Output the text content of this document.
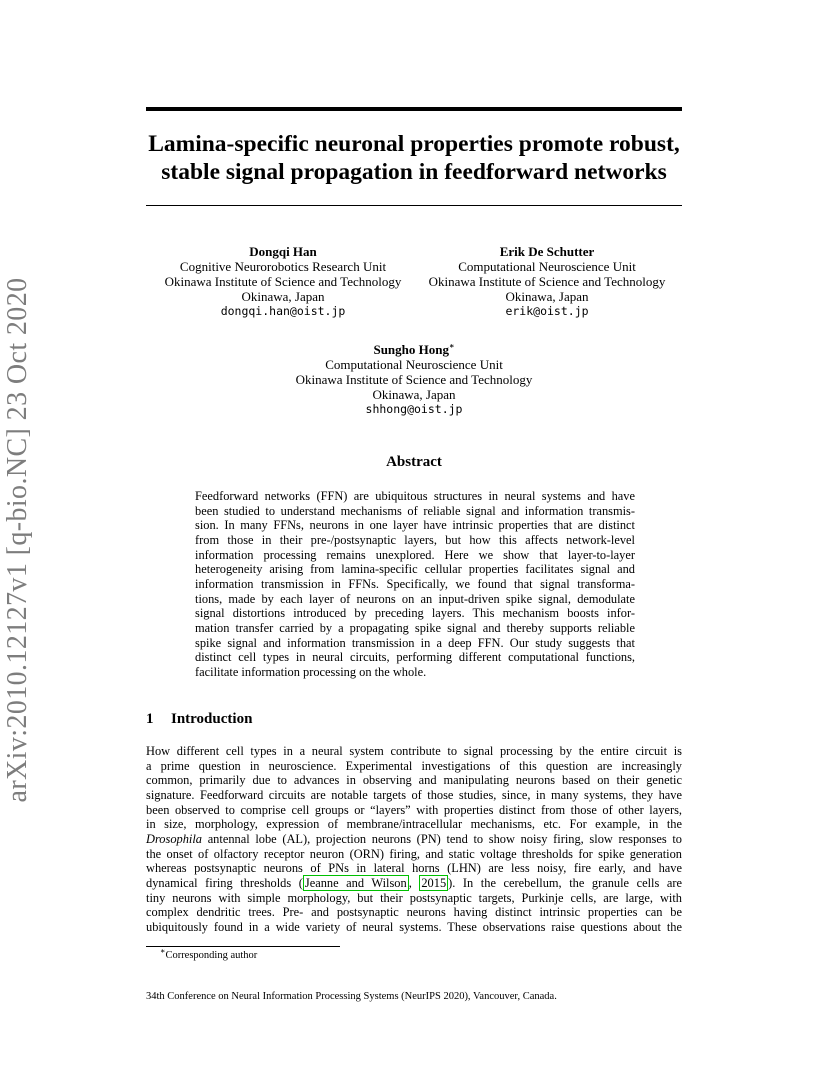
arXiv:2010.12127v1 [q-bio.NC] 23 Oct 2020
Lamina-specific neuronal properties promote robust,
stable signal propagation in feedforward networks
Dongqi Han
Cognitive Neurorobotics Research Unit
Okinawa Institute of Science and Technology
Okinawa, Japan
dongqi.han@oist.jp
Erik De Schutter
Computational Neuroscience Unit
Okinawa Institute of Science and Technology
Okinawa, Japan
erik@oist.jp
Sungho Hong∗
Computational Neuroscience Unit
Okinawa Institute of Science and Technology
Okinawa, Japan
shhong@oist.jp
Abstract
Feedforward networks (FFN) are ubiquitous structures in neural systems and have
been studied to understand mechanisms of reliable signal and information transmis-
sion. In many FFNs, neurons in one layer have intrinsic properties that are distinct
from those in their pre-/postsynaptic layers, but how this affects network-level
information processing remains unexplored. Here we show that layer-to-layer
heterogeneity arising from lamina-specific cellular properties facilitates signal and
information transmission in FFNs. Specifically, we found that signal transforma-
tions, made by each layer of neurons on an input-driven spike signal, demodulate
signal distortions introduced by preceding layers. This mechanism boosts infor-
mation transfer carried by a propagating spike signal and thereby supports reliable
spike signal and information transmission in a deep FFN. Our study suggests that
distinct cell types in neural circuits, performing different computational functions,
facilitate information processing on the whole.
1 Introduction
How different cell types in a neural system contribute to signal processing by the entire circuit is
a prime question in neuroscience. Experimental investigations of this question are increasingly
common, primarily due to advances in observing and manipulating neurons based on their genetic
signature. Feedforward circuits are notable targets of those studies, since, in many systems, they have
been observed to comprise cell groups or “layers” with properties distinct from those of other layers,
in size, morphology, expression of membrane/intracellular mechanisms, etc. For example, in the
Drosophila antennal lobe (AL), projection neurons (PN) tend to show noisy firing, slow responses to
the onset of olfactory receptor neuron (ORN) firing, and static voltage thresholds for spike generation
whereas postsynaptic neurons of PNs in lateral horns (LHN) are less noisy, fire early, and have
dynamical firing thresholds ( Jeanne and Wilson , 2015 ). In the cerebellum, the granule cells are
tiny neurons with simple morphology, but their postsynaptic targets, Purkinje cells, are large, with
complex dendritic trees. Pre- and postsynaptic neurons having distinct intrinsic properties can be
ubiquitously found in a wide variety of neural systems. These observations raise questions about the
∗Corresponding author
34th Conference on Neural Information Processing Systems (NeurIPS 2020), Vancouver, Canada.
